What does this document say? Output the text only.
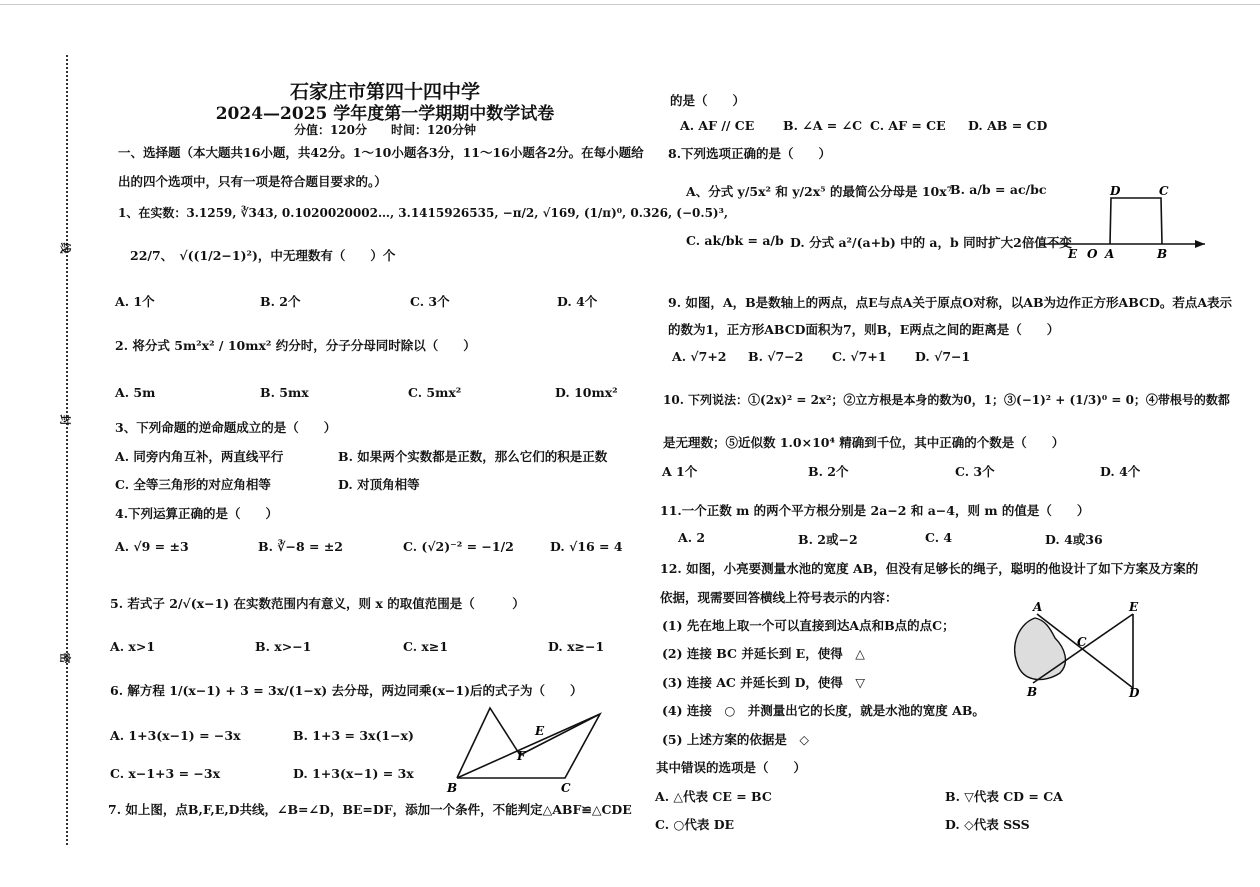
线
封
密
石家庄市第四十四中学
2024—2025 学年度第一学期期中数学试卷
分值：120分　　时间：120分钟
一、选择题（本大题共16小题，共42分。1～10小题各3分，11～16小题各2分。在每小题给
出的四个选项中，只有一项是符合题目要求的。）
1、在实数：3.1259, ∛343, 0.1020020002…, 3.1415926535, −π/2, √169, (1/π)⁰, 0.326, (−0.5)³,
22/7、　√((1/2−1)²)，中无理数有（　　）个
A. 1个	B. 2个	C. 3个	D. 4个
2. 将分式 5m²x² / 10mx² 约分时，分子分母同时除以（　　）
A. 5m	B. 5mx	C. 5mx²	D. 10mx²
3、下列命题的逆命题成立的是（　　）
A. 同旁内角互补，两直线平行	B. 如果两个实数都是正数，那么它们的积是正数
C. 全等三角形的对应角相等	D. 对顶角相等
4.下列运算正确的是（　　）
A. √9 = ±3	B. ∛−8 = ±2	C. (√2)⁻² = −1/2	D. √16 = 4
5. 若式子 2/√(x−1) 在实数范围内有意义，则 x 的取值范围是（　　　）
A. x>1	B. x>−1	C. x≥1	D. x≥−1
6. 解方程 1/(x−1) + 3 = 3x/(1−x) 去分母，两边同乘(x−1)后的式子为（　　）
A. 1+3(x−1) = −3x	B. 1+3 = 3x(1−x)
C. x−1+3 = −3x	D. 1+3(x−1) = 3x
B
F
E
C
7. 如上图，点B,F,E,D共线，∠B=∠D，BE=DF，添加一个条件，不能判定△ABF≌△CDE
的是（　　）
A. AF // CE B. ∠A = ∠C C. AF = CE D. AB = CD
8.下列选项正确的是（　　）
A、分式 y/5x² 和 y/2x⁵ 的最简公分母是 10x⁷
B. a/b = ac/bc
C. ak/bk = a/b D. 分式 a²/(a+b) 中的 a，b 同时扩大2倍值不变
D	C
E O A	B
9. 如图，A，B是数轴上的两点，点E与点A关于原点O对称，以AB为边作正方形ABCD。若点A表示
的数为1，正方形ABCD面积为7，则B，E两点之间的距离是（　　）
A. √7+2 B. √7−2 C. √7+1 D. √7−1
10. 下列说法：①(2x)² = 2x²；②立方根是本身的数为0，1；③(−1)² + (1/3)⁰ = 0；④带根号的数都
是无理数；⑤近似数 1.0×10⁴ 精确到千位，其中正确的个数是（　　）
A 1个	B. 2个	C. 3个	D. 4个
11.一个正数 m 的两个平方根分别是 2a−2 和 a−4，则 m 的值是（　　）
A. 2	B. 2或−2	C. 4	D. 4或36
12. 如图，小亮要测量水池的宽度 AB，但没有足够长的绳子，聪明的他设计了如下方案及方案的
依据，现需要回答横线上符号表示的内容：
(1) 先在地上取一个可以直接到达A点和B点的点C；
(2) 连接 BC 并延长到 E，使得　△
(3) 连接 AC 并延长到 D，使得　▽
(4) 连接　○　并测量出它的长度，就是水池的宽度 AB。
(5) 上述方案的依据是　◇
其中错误的选项是（　　）
A. △代表 CE = BC	B. ▽代表 CD = CA
C. ○代表 DE	D. ◇代表 SSS
A	E
C
B	D
